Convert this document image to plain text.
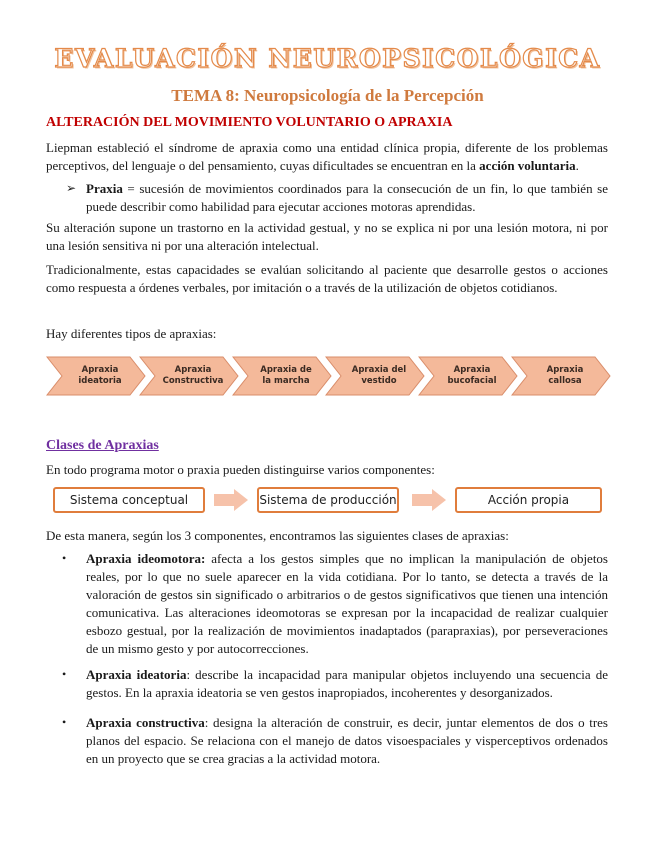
EVALUACIÓN NEUROPSICOLÓGICA
TEMA 8: Neuropsicología de la Percepción
ALTERACIÓN DEL MOVIMIENTO VOLUNTARIO O APRAXIA
Liepman estableció el síndrome de apraxia como una entidad clínica propia, diferente de los problemas perceptivos, del lenguaje o del pensamiento, cuyas dificultades se encuentran en la acción voluntaria.
➢ Praxia = sucesión de movimientos coordinados para la consecución de un fin, lo que también se puede describir como habilidad para ejecutar acciones motoras aprendidas.
Su alteración supone un trastorno en la actividad gestual, y no se explica ni por una lesión motora, ni por una lesión sensitiva ni por una alteración intelectual.
Tradicionalmente, estas capacidades se evalúan solicitando al paciente que desarrolle gestos o acciones como respuesta a órdenes verbales, por imitación o a través de la utilización de objetos cotidianos.
Hay diferentes tipos de apraxias:
Apraxia
ideatoria
Apraxia
Constructiva
Apraxia de
la marcha
Apraxia del
vestido
Apraxia
bucofacial
Apraxia
callosa
Clases de Apraxias
En todo programa motor o praxia pueden distinguirse varios componentes:
Sistema conceptual	Sistema de producción	Acción propia
De esta manera, según los 3 componentes, encontramos las siguientes clases de apraxias:
• Apraxia ideomotora: afecta a los gestos simples que no implican la manipulación de objetos reales, por lo que no suele aparecer en la vida cotidiana. Por lo tanto, se detecta a través de la valoración de gestos sin significado o arbitrarios o de gestos significativos que tienen una intención comunicativa. Las alteraciones ideomotoras se expresan por la incapacidad de realizar cualquier esbozo gestual, por la realización de movimientos inadaptados (parapraxias), por perseveraciones de un mismo gesto y por autocorrecciones.
• Apraxia ideatoria: describe la incapacidad para manipular objetos incluyendo una secuencia de gestos. En la apraxia ideatoria se ven gestos inapropiados, incoherentes y desorganizados.
• Apraxia constructiva: designa la alteración de construir, es decir, juntar elementos de dos o tres planos del espacio. Se relaciona con el manejo de datos visoespaciales y visperceptivos ordenados en un proyecto que se crea gracias a la actividad motora.
